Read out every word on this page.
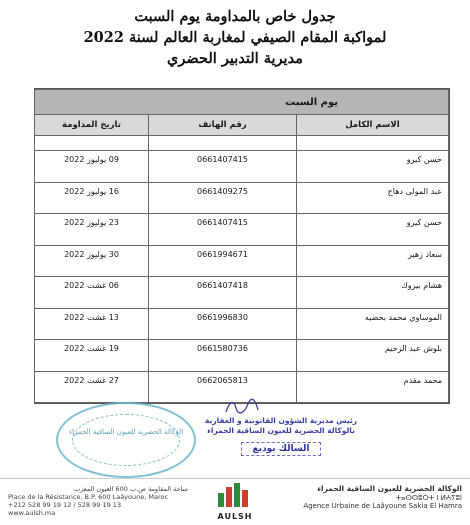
جدول خاص بالمداومة يوم السبت
لمواكبة المقام الصيفي لمغاربة العالم لسنة 2022
مديرية التدبير الحضري
يوم السبت		
الاسم الكامل	رقم الهاتف	تاريخ المداومة

حسن كيرو	0661407415	09 يوليوز 2022
عبد المولى دهاج	0661409275	16 يوليوز 2022
حسن كيرو	0661407415	23 يوليوز 2022
سعاد زهير	0661994671	30 يوليوز 2022
هشام بيروك	0661407418	06 غشت 2022
الموساوي محمد بحضيه	0661996830	13 غشت 2022
بلوش عبد الرحيم	0661580736	19 غشت 2022
محمد مقدم	0662065813	27 غشت 2022
الوكالة الحضرية للعيون الساقية الحمراء
رئيس مديرية الشؤون القانونية و العقارية
بالوكالة الحضرية للعيون الساقية الحمراء
السالك بوديع
ساحة المقاومة ص.ب 600 العيون المغرب
Place de la Résistance, B.P. 600 Laâyoune, Maroc
+212 528 99 19 12 / 528 99 19 13
www.aulsh.ma	AULSH
الوكالة الحضرية للعيون الساقية الحمراء
ⵜⴰⵙⵙⵓⵔⵜ ⵏ ⵍⵄⵢⵓⵏ
Agence Urbaine de Laâyoune Sakia El Hamra
